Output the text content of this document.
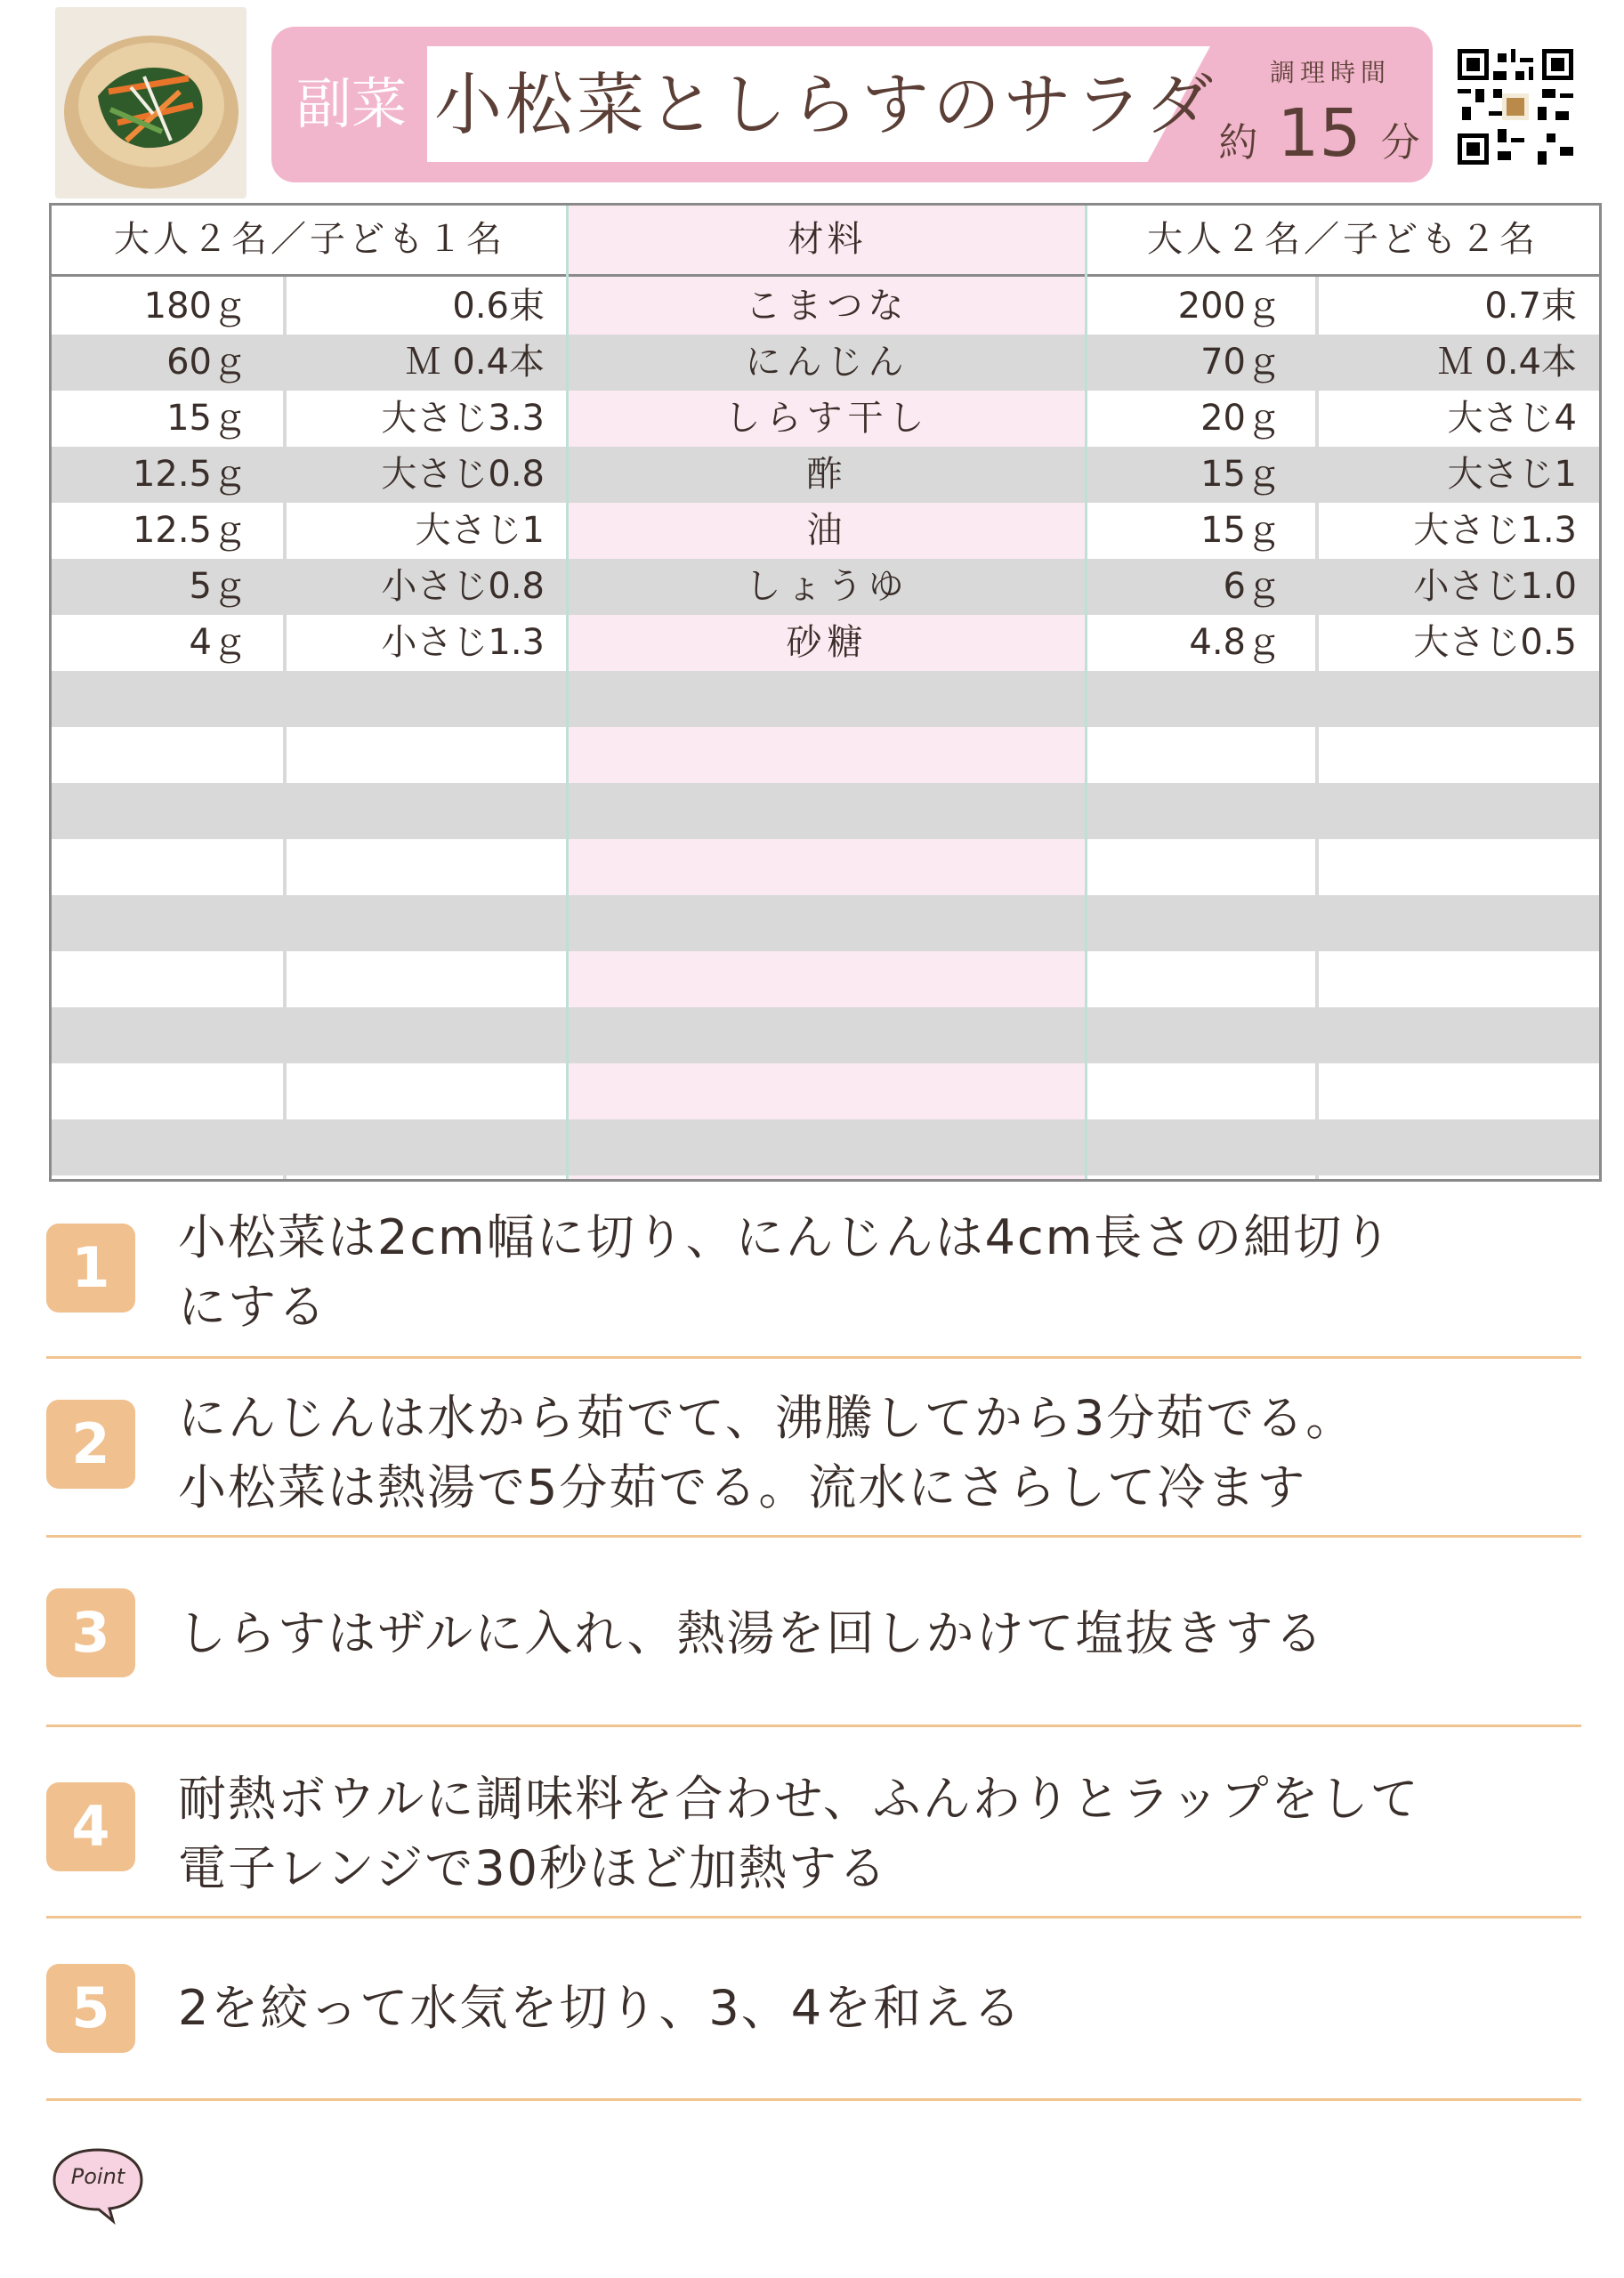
副菜 小松菜としらすのサラダ	調理時間
約 15 分
大人２名／子ども１名	材料	大人２名／子ども２名
180ｇ	0.6束	こまつな	200ｇ	0.7束
60ｇ	Ｍ 0.4本	にんじん	70ｇ	Ｍ 0.4本
15ｇ	大さじ3.3	しらす干し	20ｇ	大さじ4
12.5ｇ	大さじ0.8	酢	15ｇ	大さじ1
12.5ｇ	大さじ1	油	15ｇ	大さじ1.3
5ｇ	小さじ0.8	しょうゆ	6ｇ	小さじ1.0
4ｇ	小さじ1.3	砂糖	4.8ｇ	大さじ0.5
1	小松菜は2cm幅に切り、にんじんは4cm長さの細切り
にする
2	にんじんは水から茹でて、沸騰してから3分茹でる。
小松菜は熱湯で5分茹でる。流水にさらして冷ます
3	しらすはザルに入れ、熱湯を回しかけて塩抜きする
4	耐熱ボウルに調味料を合わせ、ふんわりとラップをして
電子レンジで30秒ほど加熱する
5	2を絞って水気を切り、3、4を和える
Point
